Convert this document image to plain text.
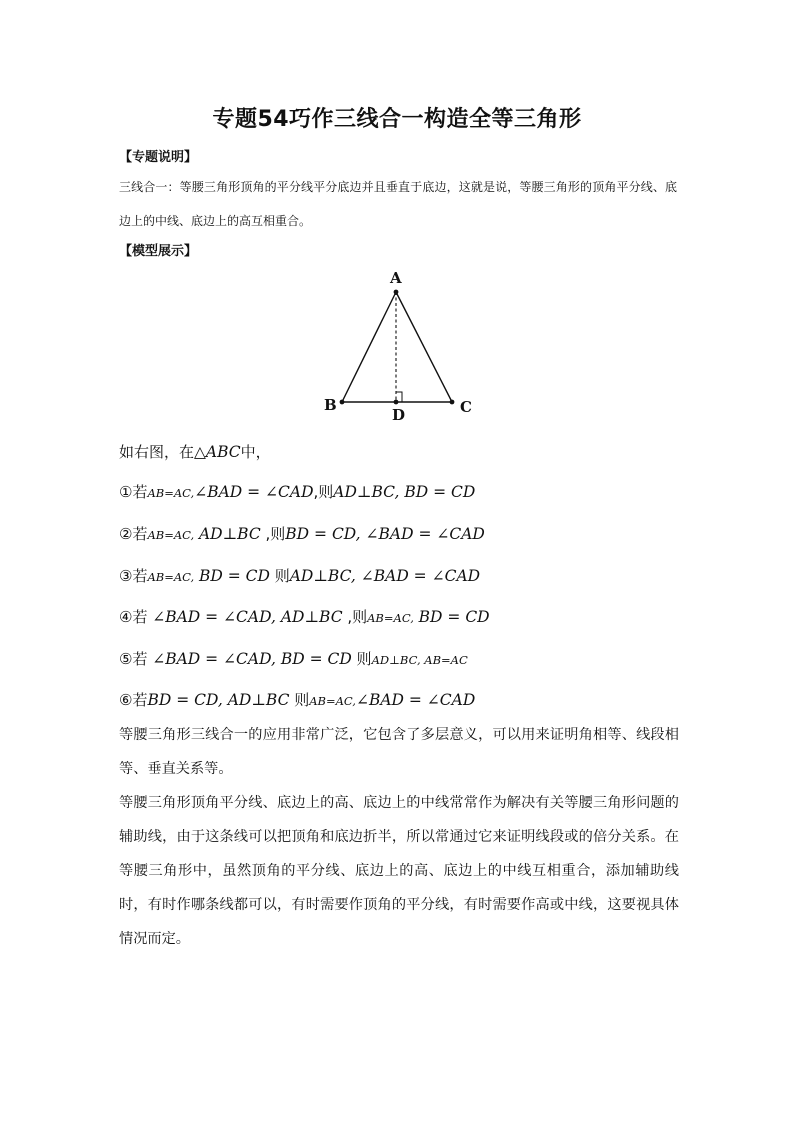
专题54巧作三线合一构造全等三角形
【专题说明】
三线合一：等腰三角形顶角的平分线平分底边并且垂直于底边，这就是说，等腰三角形的顶角平分线、底边上的中线、底边上的高互相重合。
【模型展示】
A
B	C
D
如右图，在△ABC中，
①若AB=AC,∠BAD = ∠CAD,则AD⊥BC, BD = CD
②若AB=AC, AD⊥BC ,则BD = CD, ∠BAD = ∠CAD
③若AB=AC, BD = CD 则AD⊥BC, ∠BAD = ∠CAD
④若 ∠BAD = ∠CAD, AD⊥BC ,则AB=AC, BD = CD
⑤若 ∠BAD = ∠CAD, BD = CD 则AD⊥BC, AB=AC
⑥若BD = CD, AD⊥BC 则AB=AC,∠BAD = ∠CAD
等腰三角形三线合一的应用非常广泛，它包含了多层意义，可以用来证明角相等、线段相等、垂直关系等。
等腰三角形顶角平分线、底边上的高、底边上的中线常常作为解决有关等腰三角形问题的辅助线，由于这条线可以把顶角和底边折半，所以常通过它来证明线段或的倍分关系。在等腰三角形中，虽然顶角的平分线、底边上的高、底边上的中线互相重合，添加辅助线时，有时作哪条线都可以，有时需要作顶角的平分线，有时需要作高或中线，这要视具体情况而定。
